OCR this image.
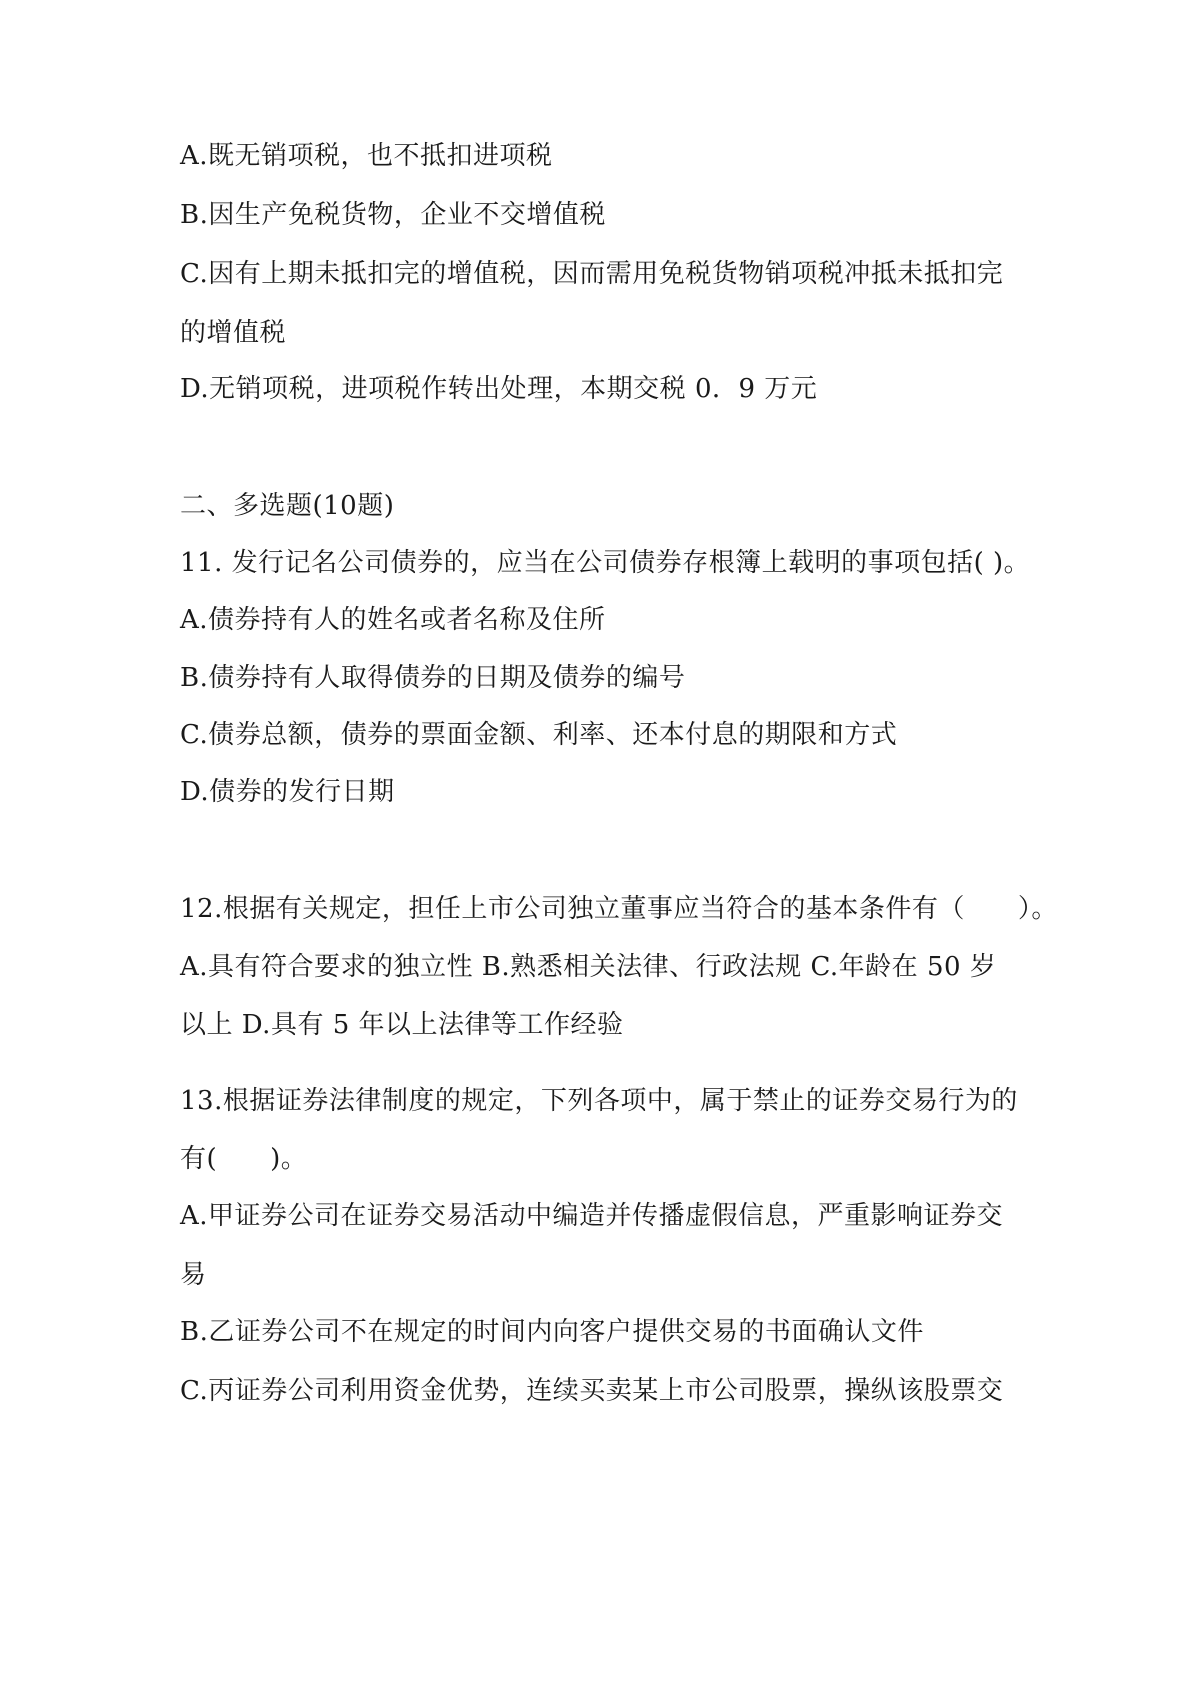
A.既无销项税，也不抵扣进项税
B.因生产免税货物，企业不交增值税
C.因有上期未抵扣完的增值税，因而需用免税货物销项税冲抵未抵扣完
的增值税
D.无销项税，进项税作转出处理，本期交税 0．9 万元
二、多选题(10题)
11. 发行记名公司债券的，应当在公司债券存根簿上载明的事项包括( )。
A.债券持有人的姓名或者名称及住所
B.债券持有人取得债券的日期及债券的编号
C.债券总额，债券的票面金额、利率、还本付息的期限和方式
D.债券的发行日期
12.根据有关规定，担任上市公司独立董事应当符合的基本条件有（　　）。
A.具有符合要求的独立性 B.熟悉相关法律、行政法规 C.年龄在 50 岁
以上 D.具有 5 年以上法律等工作经验
13.根据证券法律制度的规定，下列各项中，属于禁止的证券交易行为的
有(　　)。
A.甲证券公司在证券交易活动中编造并传播虚假信息，严重影响证券交
易
B.乙证券公司不在规定的时间内向客户提供交易的书面确认文件
C.丙证券公司利用资金优势，连续买卖某上市公司股票，操纵该股票交
